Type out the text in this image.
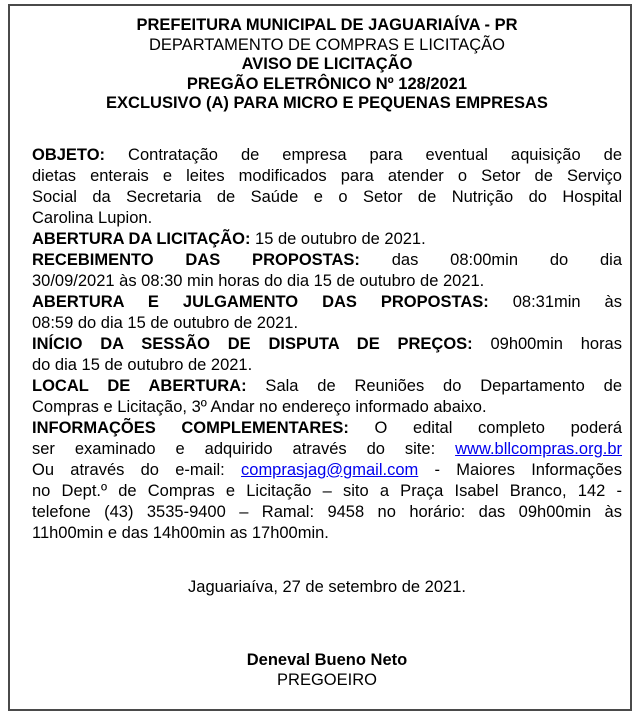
PREFEITURA MUNICIPAL DE JAGUARIAÍVA - PR
DEPARTAMENTO DE COMPRAS E LICITAÇÃO
AVISO DE LICITAÇÃO
PREGÃO ELETRÔNICO Nº 128/2021
EXCLUSIVO (A) PARA MICRO E PEQUENAS EMPRESAS
OBJETO: Contratação de empresa para eventual aquisição de
dietas enterais e leites modificados para atender o Setor de Serviço
Social da Secretaria de Saúde e o Setor de Nutrição do Hospital
Carolina Lupion.
ABERTURA DA LICITAÇÃO: 15 de outubro de 2021.
RECEBIMENTO DAS PROPOSTAS: das 08:00min do dia
30/09/2021 às 08:30 min horas do dia 15 de outubro de 2021.
ABERTURA E JULGAMENTO DAS PROPOSTAS: 08:31min às
08:59 do dia 15 de outubro de 2021.
INÍCIO DA SESSÃO DE DISPUTA DE PREÇOS: 09h00min horas
do dia 15 de outubro de 2021.
LOCAL DE ABERTURA: Sala de Reuniões do Departamento de
Compras e Licitação, 3º Andar no endereço informado abaixo.
INFORMAÇÕES COMPLEMENTARES: O edital completo poderá
ser examinado e adquirido através do site: www.bllcompras.org.br
Ou através do e-mail: comprasjag@gmail.com - Maiores Informações
no Dept.º de Compras e Licitação – sito a Praça Isabel Branco, 142 -
telefone (43) 3535-9400 – Ramal: 9458 no horário: das 09h00min às
11h00min e das 14h00min as 17h00min.
Jaguariaíva, 27 de setembro de 2021.
Deneval Bueno Neto
PREGOEIRO
